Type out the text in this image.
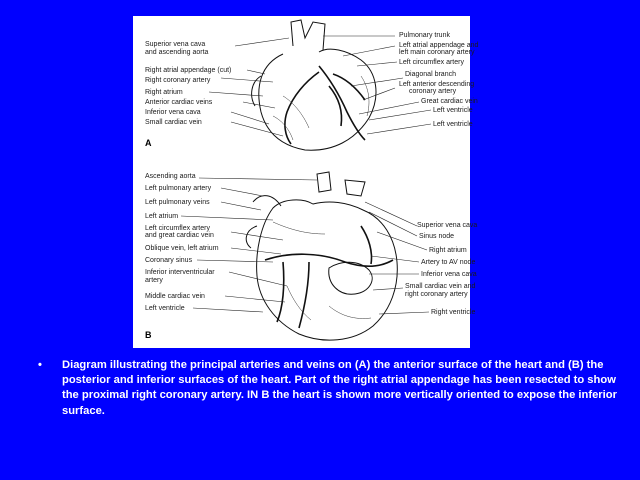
Superior vena cava
and ascending aorta
Right atrial appendage (cut)
Right coronary artery
Right atrium
Anterior cardiac veins
Inferior vena cava
Small cardiac vein
Pulmonary trunk
Left atrial appendage and
left main coronary artery
Left circumflex artery
Diagonal branch
Left anterior descending
coronary artery
Great cardiac vein
Left ventricle
Left ventricle
A
Ascending aorta
Left pulmonary artery
Left pulmonary veins
Left atrium
Left circumflex artery
and great cardiac vein
Oblique vein, left atrium
Coronary sinus
Inferior interventricular
artery
Middle cardiac vein
Left ventricle
Superior vena cava
Sinus node
Right atrium
Artery to AV node
Inferior vena cava
Small cardiac vein and
right coronary artery
Right ventricle
B
• Diagram illustrating the principal arteries and veins on (A) the anterior surface of the heart and (B) the posterior and inferior surfaces of the heart. Part of the right atrial appendage has been resected to show the proximal right coronary artery. IN B the heart is shown more vertically oriented to expose the inferior surface.
